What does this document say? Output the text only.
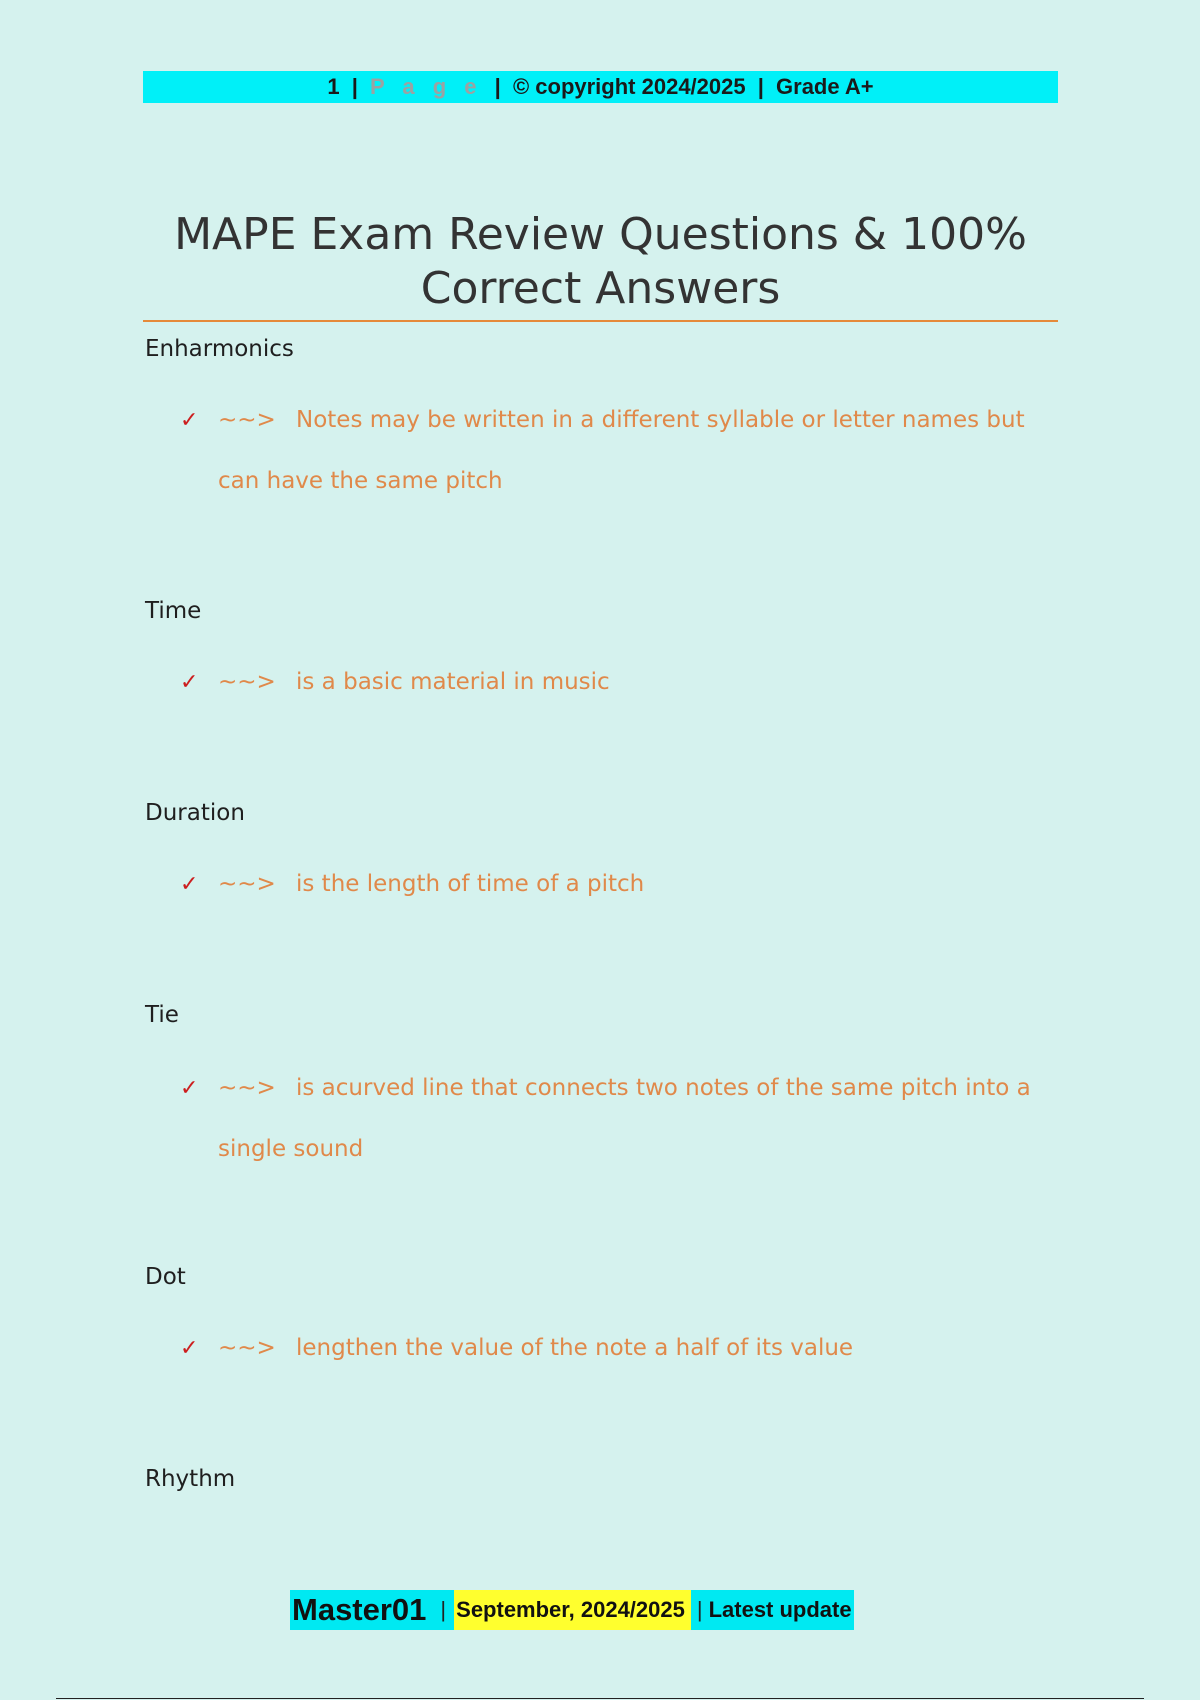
1 | P a g e | © copyright 2024/2025 | Grade A+
MAPE Exam Review Questions & 100%
Correct Answers
Enharmonics
✓ ~~> Notes may be written in a different syllable or letter names but
can have the same pitch
Time
✓ ~~> is a basic material in music
Duration
✓ ~~> is the length of time of a pitch
Tie
✓ ~~> is acurved line that connects two notes of the same pitch into a
single sound
Dot
✓ ~~> lengthen the value of the note a half of its value
Rhythm
Master01 | September, 2024/2025 | Latest update
